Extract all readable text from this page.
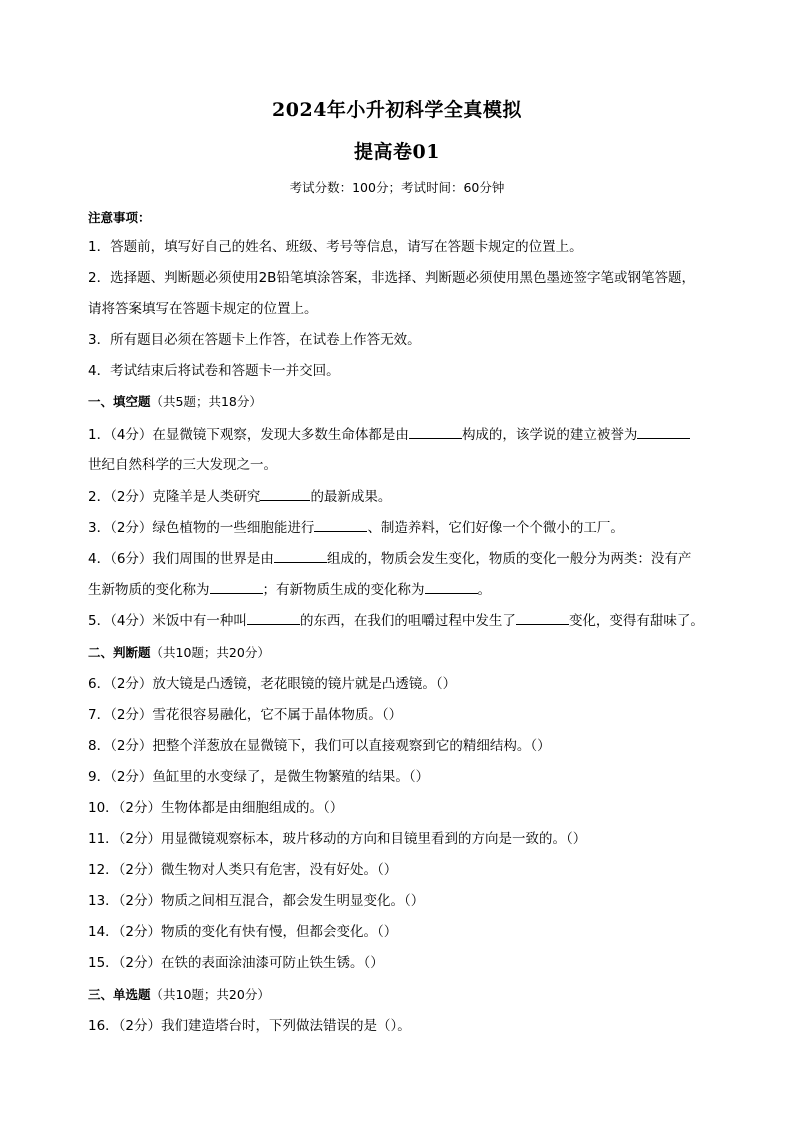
2024年小升初科学全真模拟
提高卷01
考试分数：100分；考试时间：60分钟
注意事项：
1．答题前，填写好自己的姓名、班级、考号等信息，请写在答题卡规定的位置上。
2．选择题、判断题必须使用2B铅笔填涂答案，非选择、判断题必须使用黑色墨迹签字笔或钢笔答题，
请将答案填写在答题卡规定的位置上。
3．所有题目必须在答题卡上作答，在试卷上作答无效。
4．考试结束后将试卷和答题卡一并交回。
一、填空题（共5题；共18分）
1．（4分）在显微镜下观察，发现大多数生命体都是由	构成的，该学说的建立被誉为
世纪自然科学的三大发现之一。
2．（2分）克隆羊是人类研究	的最新成果。
3．（2分）绿色植物的一些细胞能进行	、制造养料，它们好像一个个微小的工厂。
4．（6分）我们周围的世界是由	组成的，物质会发生变化，物质的变化一般分为两类：没有产
生新物质的变化称为	；有新物质生成的变化称为	。
5．（4分）米饭中有一种叫	的东西，在我们的咀嚼过程中发生了	变化，变得有甜味了。
二、判断题（共10题；共20分）
6．（2分）放大镜是凸透镜，老花眼镜的镜片就是凸透镜。（）
7．（2分）雪花很容易融化，它不属于晶体物质。（）
8．（2分）把整个洋葱放在显微镜下，我们可以直接观察到它的精细结构。（）
9．（2分）鱼缸里的水变绿了，是微生物繁殖的结果。（）
10．（2分）生物体都是由细胞组成的。（）
11．（2分）用显微镜观察标本，玻片移动的方向和目镜里看到的方向是一致的。（）
12．（2分）微生物对人类只有危害，没有好处。（）
13．（2分）物质之间相互混合，都会发生明显变化。（）
14．（2分）物质的变化有快有慢，但都会变化。（）
15．（2分）在铁的表面涂油漆可防止铁生锈。（）
三、单选题（共10题；共20分）
16．（2分）我们建造塔台时，下列做法错误的是（）。
